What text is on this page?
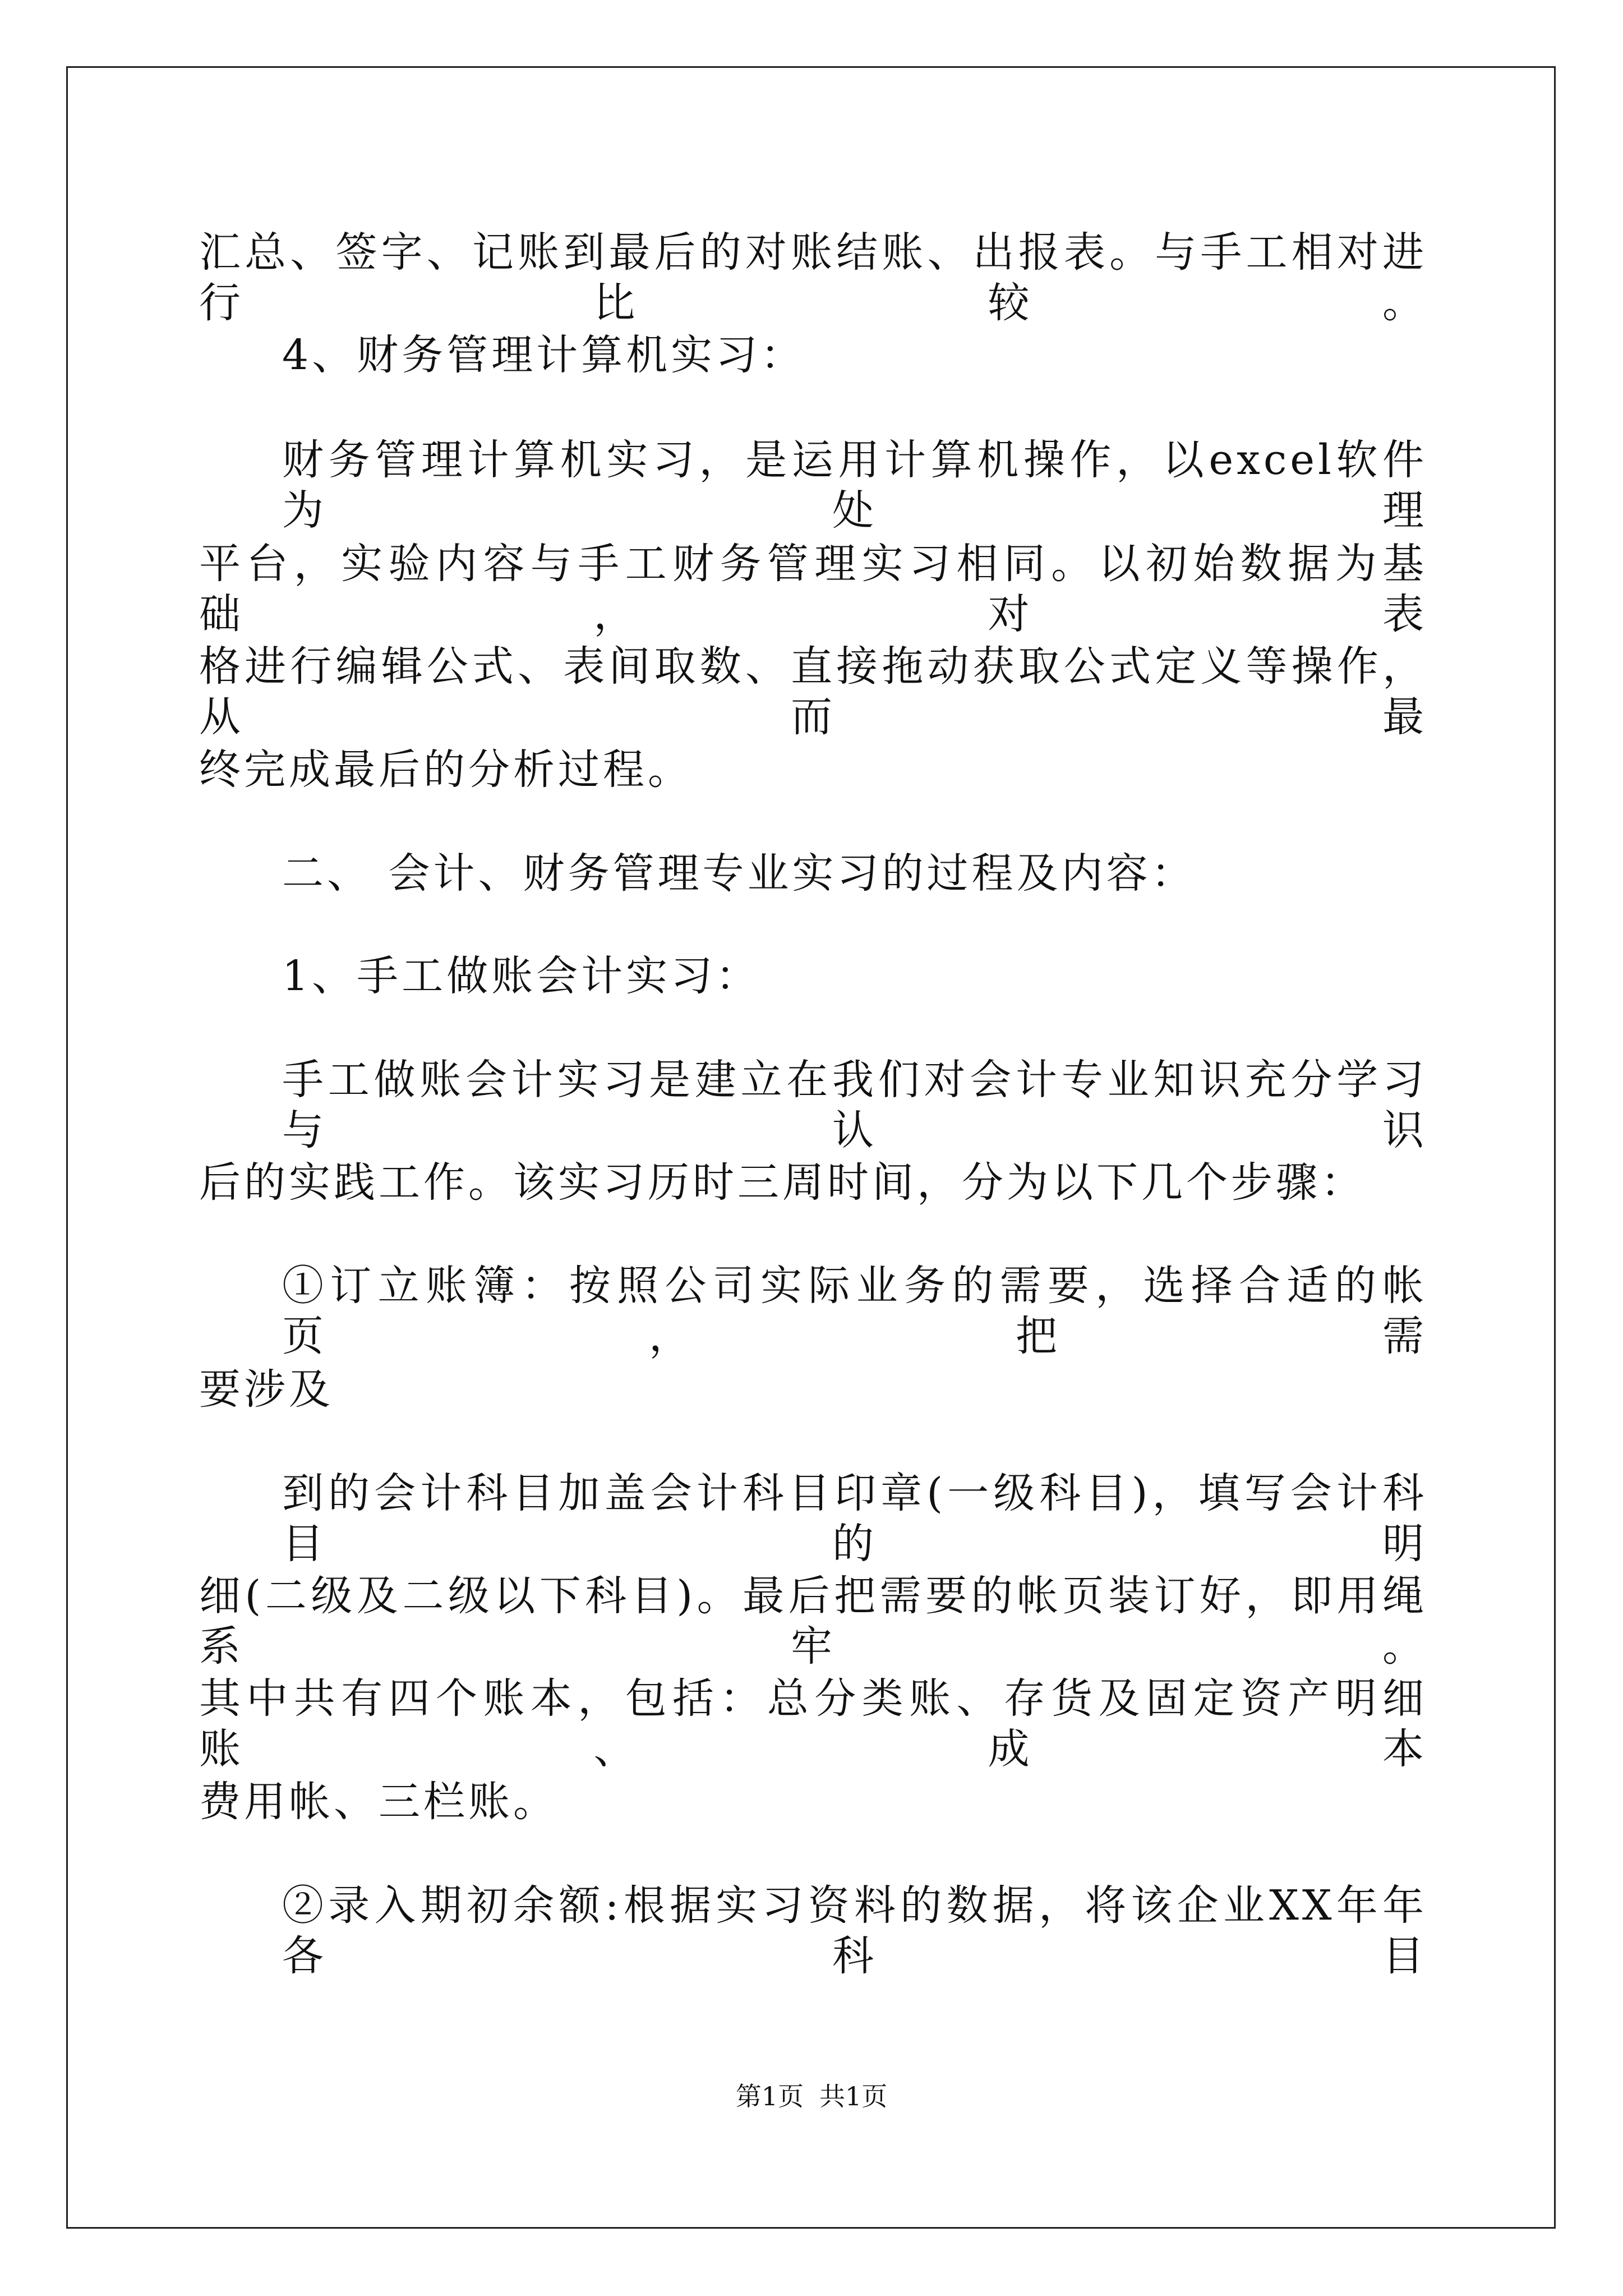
汇总、签字、记账到最后的对账结账、出报表。与手工相对进行比较。
4、财务管理计算机实习：
财务管理计算机实习，是运用计算机操作，以excel软件为处理
平台，实验内容与手工财务管理实习相同。以初始数据为基础，对表
格进行编辑公式、表间取数、直接拖动获取公式定义等操作，从而最
终完成最后的分析过程。
二、 会计、财务管理专业实习的过程及内容：
1、手工做账会计实习：
手工做账会计实习是建立在我们对会计专业知识充分学习与认识
后的实践工作。该实习历时三周时间，分为以下几个步骤：
①订立账簿：按照公司实际业务的需要，选择合适的帐页，把需
要涉及
到的会计科目加盖会计科目印章(一级科目)，填写会计科目的明
细(二级及二级以下科目)。最后把需要的帐页装订好，即用绳系牢。
其中共有四个账本，包括：总分类账、存货及固定资产明细账、成本
费用帐、三栏账。
②录入期初余额:根据实习资料的数据，将该企业XX年年各科目
第1页 共1页
